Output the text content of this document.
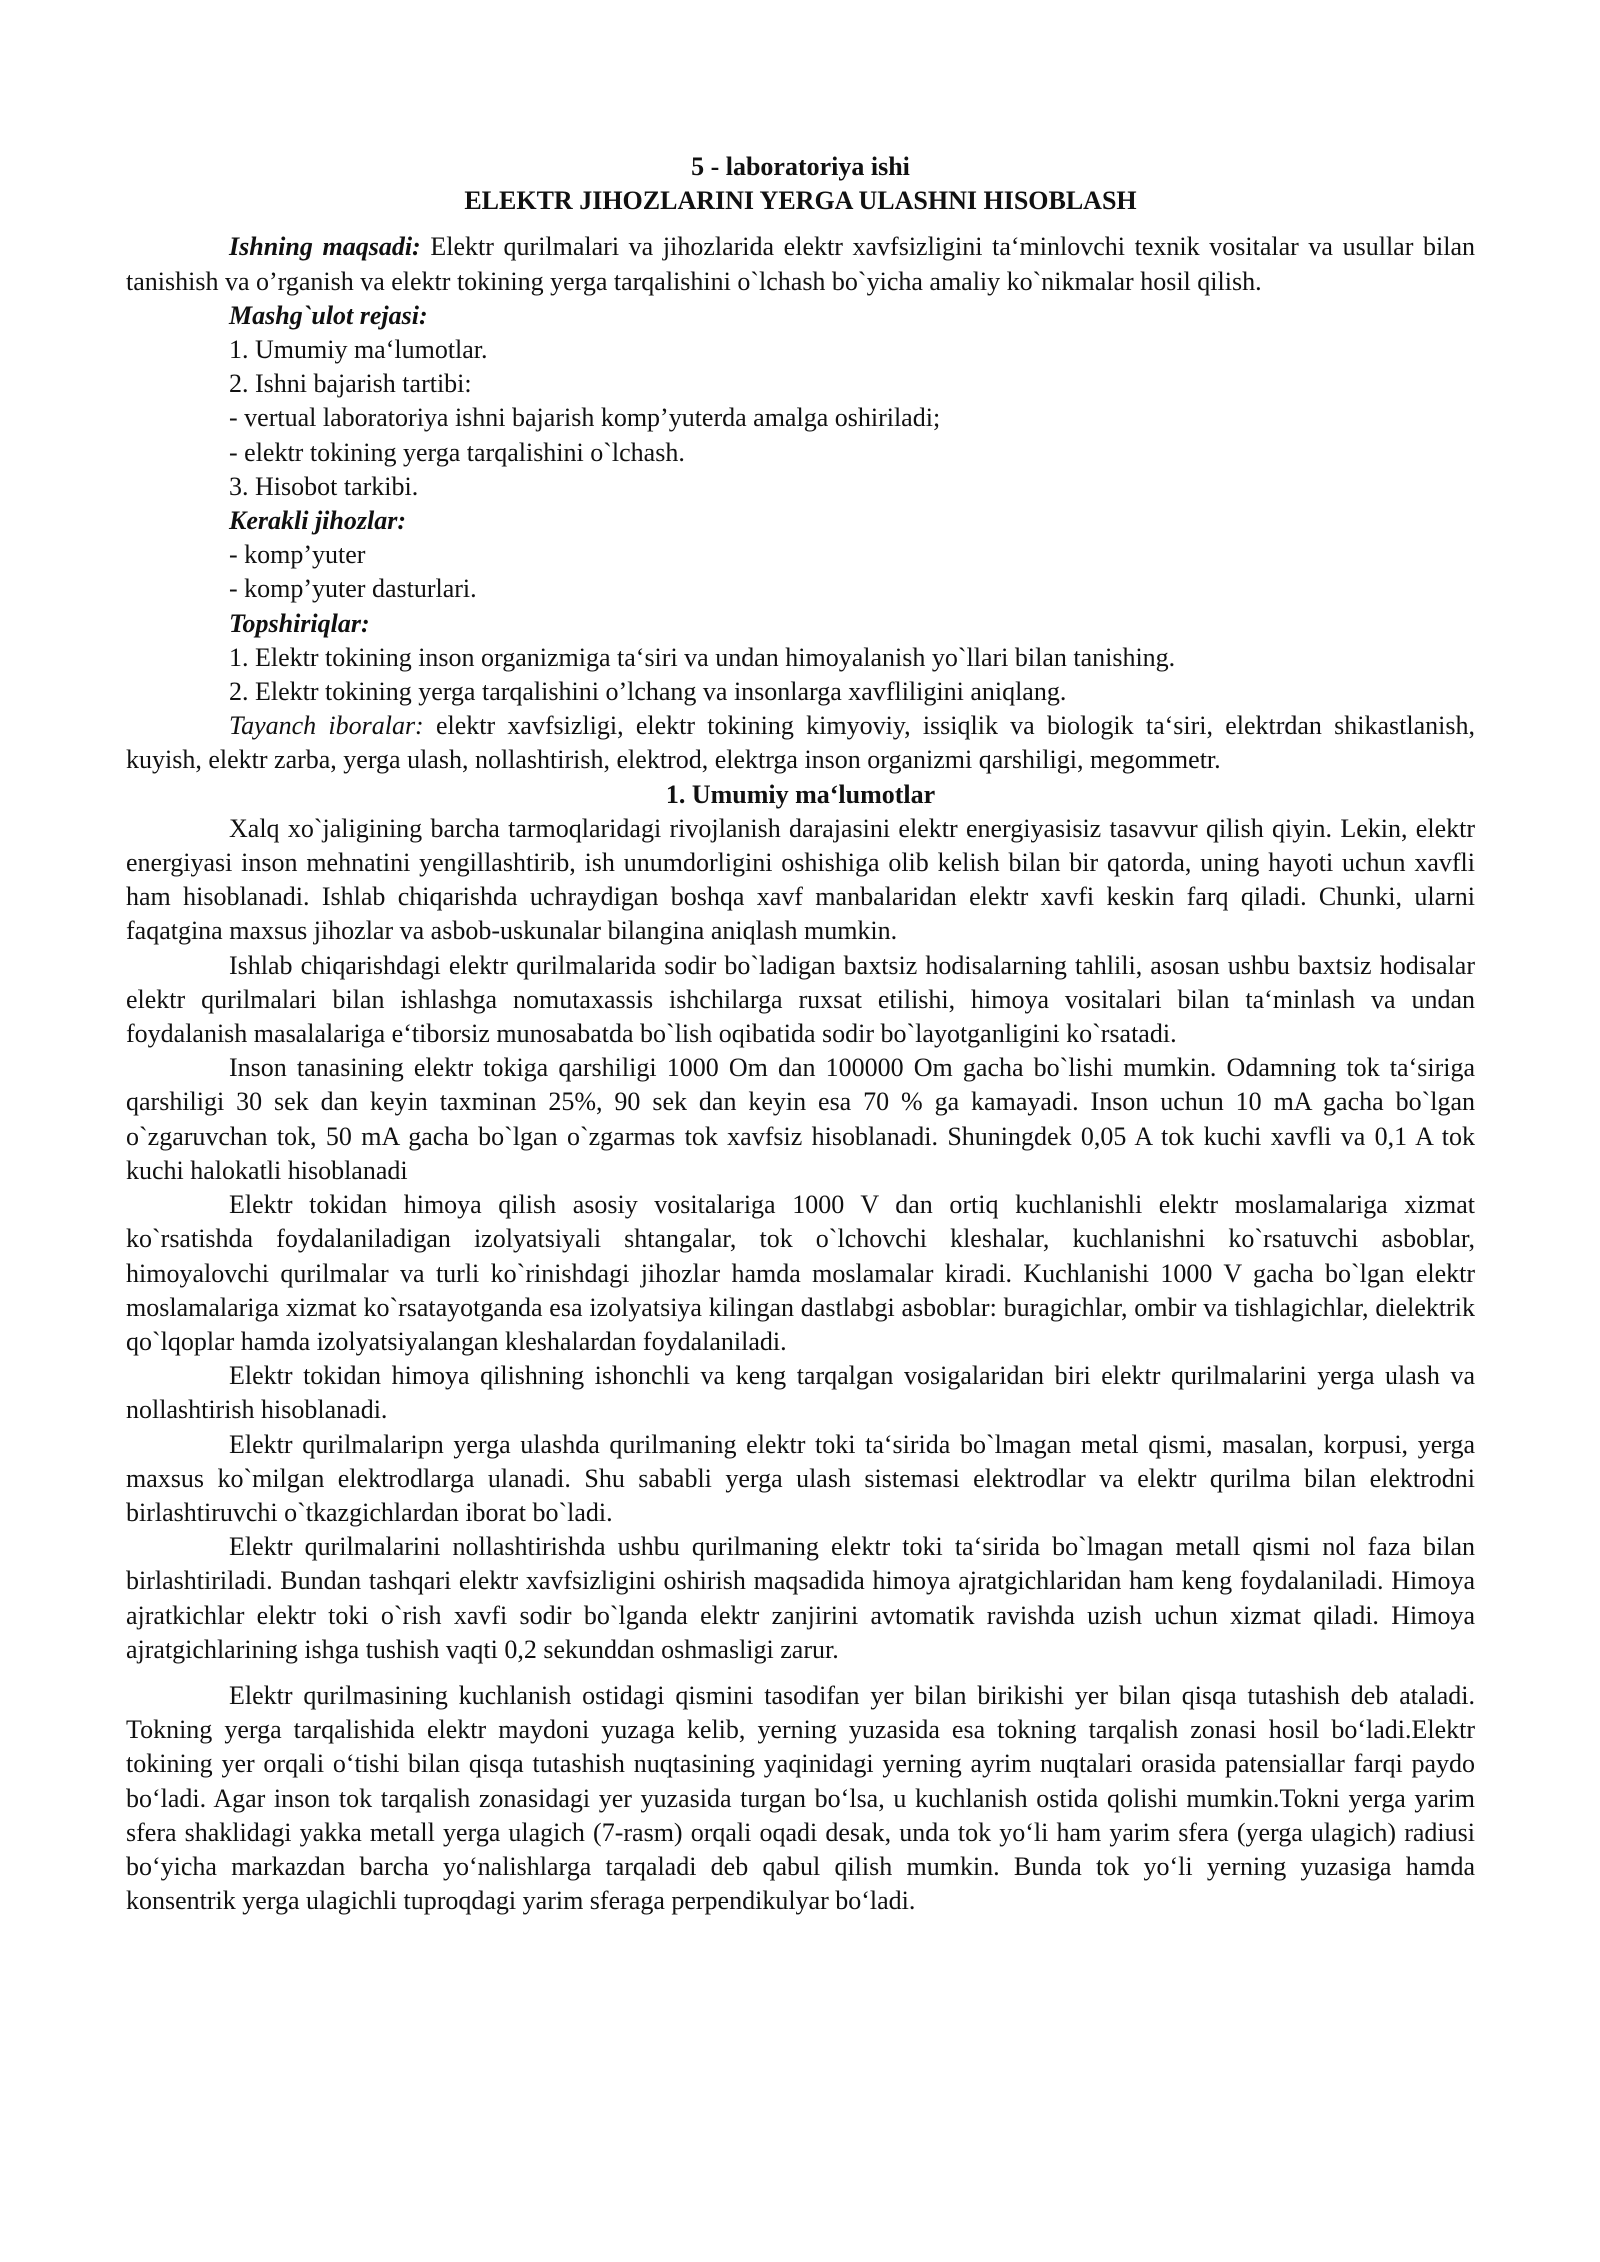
5 - laboratoriya ishi

ELEKTR JIHOZLARINI YERGA ULASHNI HISOBLASH

Ishning maqsadi: Elektr qurilmalari va jihozlarida elektr xavfsizligini ta‘minlovchi texnik vositalar va usullar bilan tanishish va o’rganish va elektr tokining yerga tarqalishini o`lchash bo`yicha amaliy ko`nikmalar hosil qilish.

Mashg`ulot rejasi:

1. Umumiy ma‘lumotlar.

2. Ishni bajarish tartibi:

- vertual laboratoriya ishni bajarish komp’yuterda amalga oshiriladi;

- elektr tokining yerga tarqalishini o`lchash.

3. Hisobot tarkibi.

Kerakli jihozlar:

- komp’yuter

- komp’yuter dasturlari.

Topshiriqlar:

1. Elektr tokining inson organizmiga ta‘siri va undan himoyalanish yo`llari bilan tanishing.

2. Elektr tokining yerga tarqalishini o’lchang va insonlarga xavfliligini aniqlang.

Tayanch iboralar: elektr xavfsizligi, elektr tokining kimyoviy, issiqlik va biologik ta‘siri, elektrdan shikastlanish, kuyish, elektr zarba, yerga ulash, nollashtirish, elektrod, elektrga inson organizmi qarshiligi, megommetr.

1. Umumiy ma‘lumotlar

Xalq xo`jaligining barcha tarmoqlaridagi rivojlanish darajasini elektr energiyasisiz tasavvur qilish qiyin. Lekin, elektr energiyasi inson mehnatini yengillashtirib, ish unumdorligini oshishiga olib kelish bilan bir qatorda, uning hayoti uchun xavfli ham hisoblanadi. Ishlab chiqarishda uchraydigan boshqa xavf manbalaridan elektr xavfi keskin farq qiladi. Chunki, ularni faqatgina maxsus jihozlar va asbob-uskunalar bilangina aniqlash mumkin.

Ishlab chiqarishdagi elektr qurilmalarida sodir bo`ladigan baxtsiz hodisalarning tahlili, asosan ushbu baxtsiz hodisalar elektr qurilmalari bilan ishlashga nomutaxassis ishchilarga ruxsat etilishi, himoya vositalari bilan ta‘minlash va undan foydalanish masalalariga e‘tiborsiz munosabatda bo`lish oqibatida sodir bo`layotganligini ko`rsatadi.

Inson tanasining elektr tokiga qarshiligi 1000 Om dan 100000 Om gacha bo`lishi mumkin. Odamning tok ta‘siriga qarshiligi 30 sek dan keyin taxminan 25%, 90 sek dan keyin esa 70 % ga kamayadi. Inson uchun 10 mA gacha bo`lgan o`zgaruvchan tok, 50 mA gacha bo`lgan o`zgarmas tok xavfsiz hisoblanadi. Shuningdek 0,05 A tok kuchi xavfli va 0,1 A tok kuchi halokatli hisoblanadi

Elektr tokidan himoya qilish asosiy vositalariga 1000 V dan ortiq kuchlanishli elektr moslamalariga xizmat ko`rsatishda foydalaniladigan izolyatsiyali shtangalar, tok o`lchovchi kleshalar, kuchlanishni ko`rsatuvchi asboblar, himoyalovchi qurilmalar va turli ko`rinishdagi jihozlar hamda moslamalar kiradi. Kuchlanishi 1000 V gacha bo`lgan elektr moslamalariga xizmat ko`rsatayotganda esa izolyatsiya kilingan dastlabgi asboblar: buragichlar, ombir va tishlagichlar, dielektrik qo`lqoplar hamda izolyatsiyalangan kleshalardan foydalaniladi.

Elektr tokidan himoya qilishning ishonchli va keng tarqalgan vosigalaridan biri elektr qurilmalarini yerga ulash va nollashtirish hisoblanadi.

Elektr qurilmalaripn yerga ulashda qurilmaning elektr toki ta‘sirida bo`lmagan metal qismi, masalan, korpusi, yerga maxsus ko`milgan elektrodlarga ulanadi. Shu sababli yerga ulash sistemasi elektrodlar va elektr qurilma bilan elektrodni birlashtiruvchi o`tkazgichlardan iborat bo`ladi.

Elektr qurilmalarini nollashtirishda ushbu qurilmaning elektr toki ta‘sirida bo`lmagan metall qismi nol faza bilan birlashtiriladi. Bundan tashqari elektr xavfsizligini oshirish maqsadida himoya ajratgichlaridan ham keng foydalaniladi. Himoya ajratkichlar elektr toki o`rish xavfi sodir bo`lganda elektr zanjirini avtomatik ravishda uzish uchun xizmat qiladi. Himoya ajratgichlarining ishga tushish vaqti 0,2 sekunddan oshmasligi zarur.

Elektr qurilmasining kuchlanish ostidagi qismini tasodifan yer bilan birikishi yer bilan qisqa tutashish deb ataladi. Tokning yerga tarqalishida elektr maydoni yuzaga kelib, yerning yuzasida esa tokning tarqalish zonasi hosil bo‘ladi.Elektr tokining yer orqali o‘tishi bilan qisqa tutashish nuqtasining yaqinidagi yerning ayrim nuqtalari orasida patensiallar farqi paydo bo‘ladi. Agar inson tok tarqalish zonasidagi yer yuzasida turgan bo‘lsa, u kuchlanish ostida qolishi mumkin.Tokni yerga yarim sfera shaklidagi yakka metall yerga ulagich (7-rasm) orqali oqadi desak, unda tok yo‘li ham yarim sfera (yerga ulagich) radiusi bo‘yicha markazdan barcha yo‘nalishlarga tarqaladi deb qabul qilish mumkin. Bunda tok yo‘li yerning yuzasiga hamda konsentrik yerga ulagichli tuproqdagi yarim sferaga perpendikulyar bo‘ladi.
